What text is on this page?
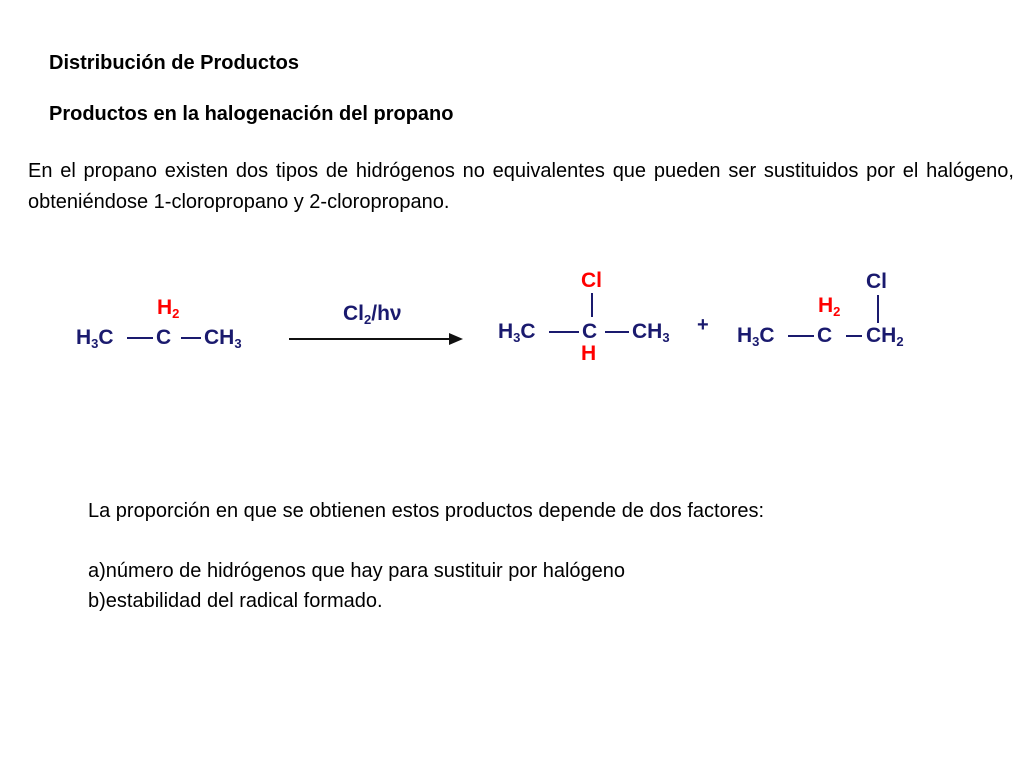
Distribución de Productos
Productos en la halogenación del propano
En el propano existen dos tipos de hidrógenos no equivalentes que pueden ser sustituidos por el halógeno, obteniéndose 1-cloropropano y 2-cloropropano.
$H_2$
$H_3C$ C $CH_3$
$Cl_2/h\nu$
Cl
$H_3C$ C $CH_3$
H
+
Cl
$H_2$
$H_3C$ C $CH_2$
La proporción en que se obtienen estos productos depende de dos factores:
a)número de hidrógenos que hay para sustituir por halógeno
b)estabilidad del radical formado.
